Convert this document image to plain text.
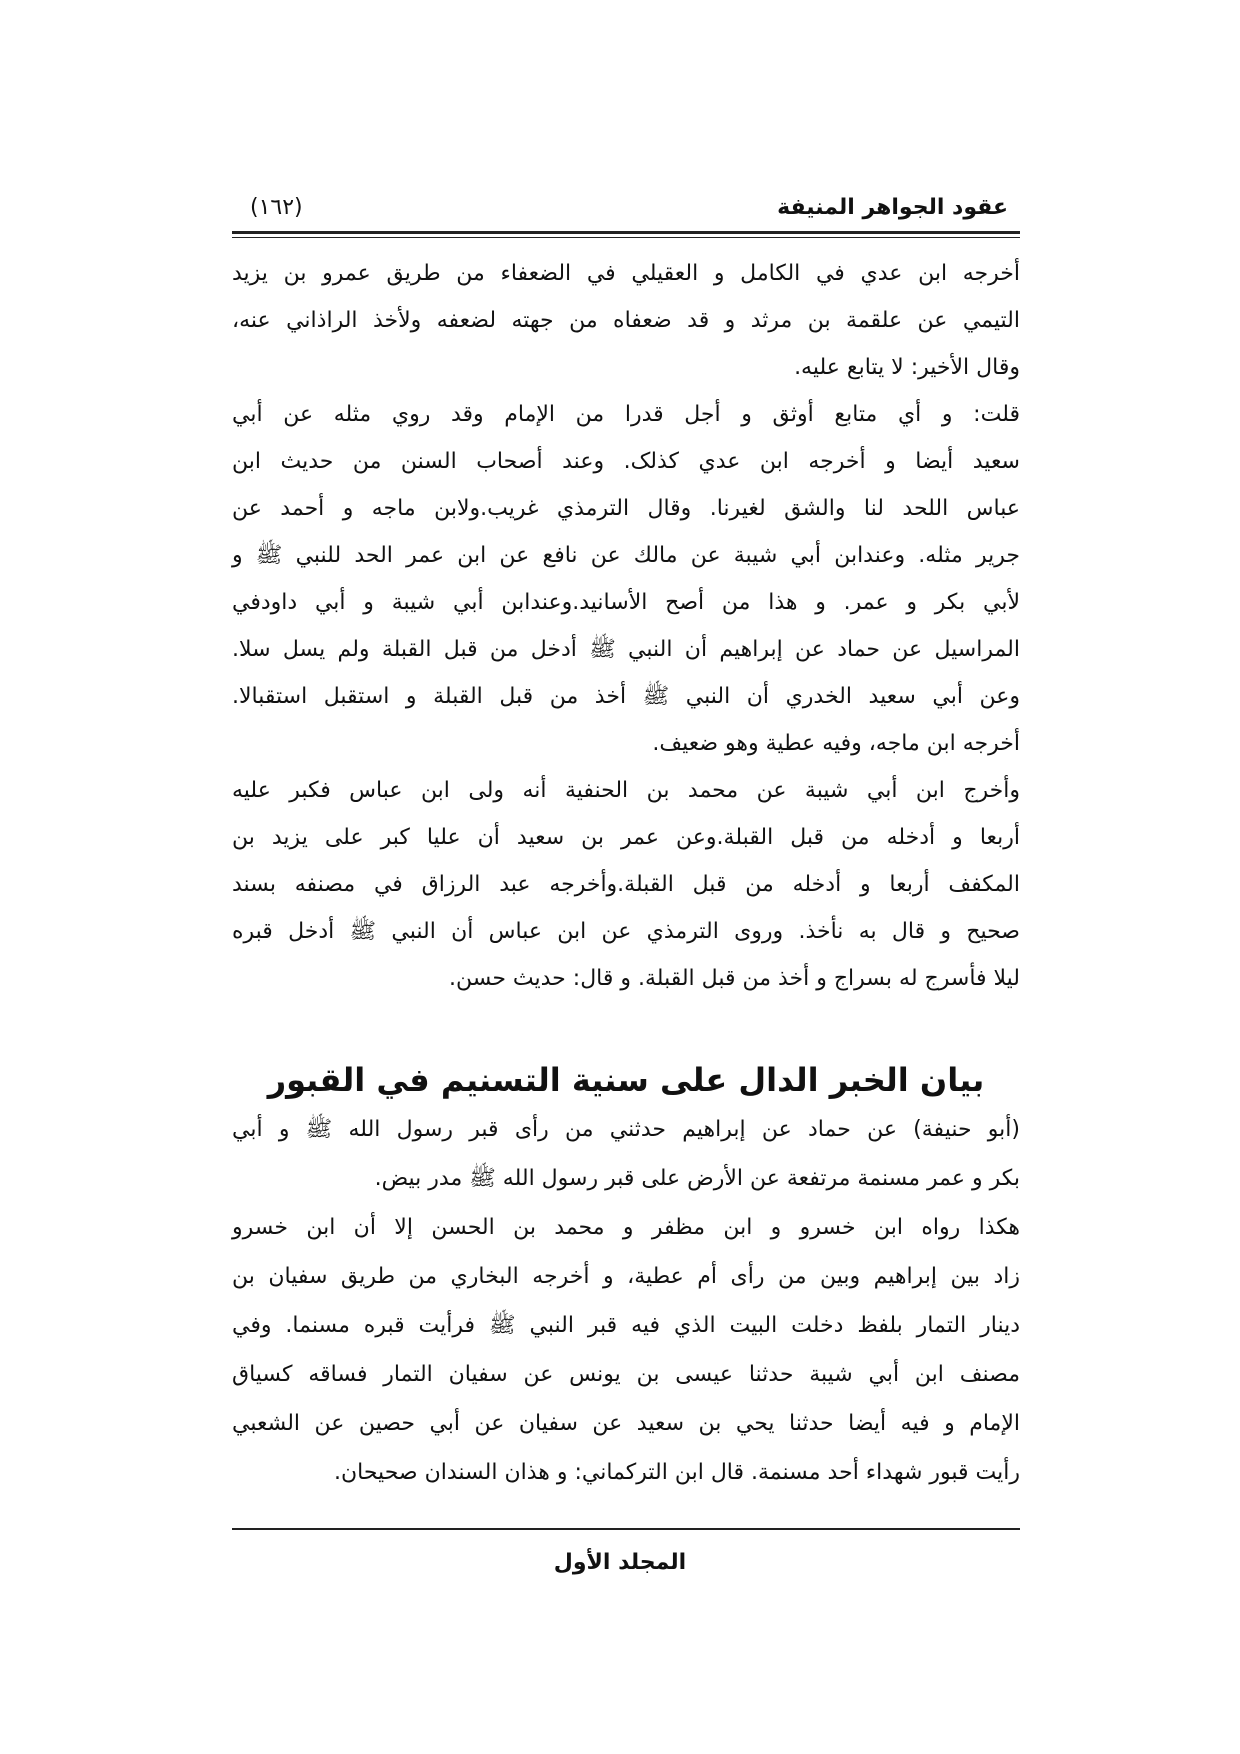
عقود الجواهر المنيفة
(١٦٢)
أخرجه ابن عدي في الكامل و العقيلي في الضعفاء من طريق عمرو بن يزيد
التيمي عن علقمة بن مرثد و قد ضعفاه من جهته لضعفه ولأخذ الراذاني عنه،
وقال الأخير: لا يتابع عليه.
قلت: و أي متابع أوثق و أجل قدرا من الإمام وقد روي مثله عن أبي
سعيد أيضا و أخرجه ابن عدي كذلک. وعند أصحاب السنن من حديث ابن
عباس اللحد لنا والشق لغيرنا. وقال الترمذي غريب.ولابن ماجه و أحمد عن
جرير مثله. وعندابن أبي شيبة عن مالك عن نافع عن ابن عمر الحد للنبي ﷺ و
لأبي بكر و عمر. و هذا من أصح الأسانيد.وعندابن أبي شيبة و أبي داودفي
المراسيل عن حماد عن إبراهيم أن النبي ﷺ أدخل من قبل القبلة ولم يسل سلا.
وعن أبي سعيد الخدري أن النبي ﷺ أخذ من قبل القبلة و استقبل استقبالا.
أخرجه ابن ماجه، وفيه عطية وهو ضعيف.
وأخرج ابن أبي شيبة عن محمد بن الحنفية أنه ولى ابن عباس فكبر عليه
أربعا و أدخله من قبل القبلة.وعن عمر بن سعيد أن عليا كبر على يزيد بن
المكفف أربعا و أدخله من قبل القبلة.وأخرجه عبد الرزاق في مصنفه بسند
صحيح و قال به نأخذ. وروى الترمذي عن ابن عباس أن النبي ﷺ أدخل قبره
ليلا فأسرج له بسراج و أخذ من قبل القبلة. و قال: حديث حسن.
بيان الخبر الدال على سنية التسنيم في القبور
(أبو حنيفة) عن حماد عن إبراهيم حدثني من رأى قبر رسول الله ﷺ و أبي
بكر و عمر مسنمة مرتفعة عن الأرض على قبر رسول الله ﷺ مدر بيض.
هكذا رواه ابن خسرو و ابن مظفر و محمد بن الحسن إلا أن ابن خسرو
زاد بين إبراهيم وبين من رأى أم عطية، و أخرجه البخاري من طريق سفيان بن
دينار التمار بلفظ دخلت البيت الذي فيه قبر النبي ﷺ فرأيت قبره مسنما. وفي
مصنف ابن أبي شيبة حدثنا عيسى بن يونس عن سفيان التمار فساقه كسياق
الإمام و فيه أيضا حدثنا يحي بن سعيد عن سفيان عن أبي حصين عن الشعبي
رأيت قبور شهداء أحد مسنمة. قال ابن التركماني: و هذان السندان صحيحان.
المجلد الأول
